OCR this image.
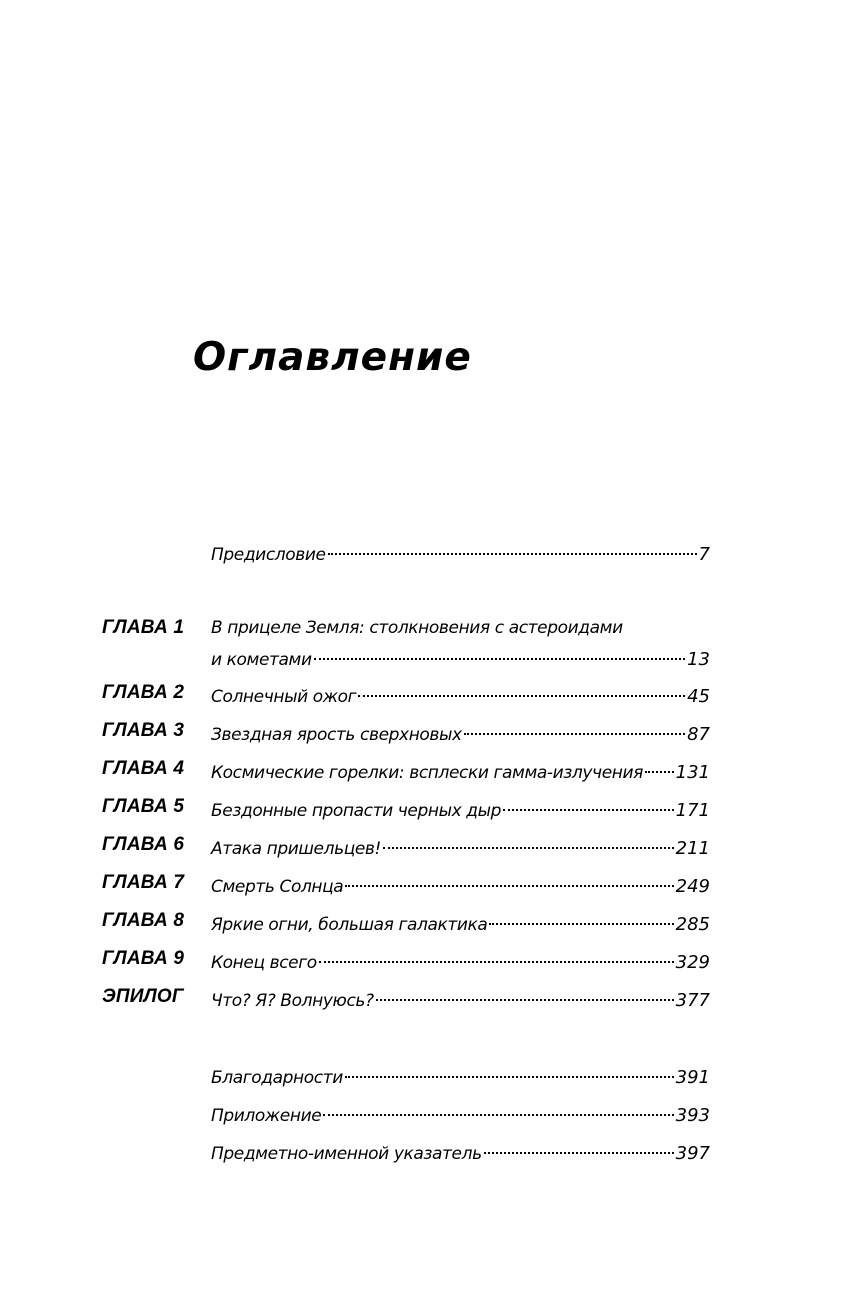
Оглавление
Предисловие	7
ГЛАВА 1 В прицеле Земля: столкновения с астероидами
и кометами	13
ГЛАВА 2 Солнечный ожог	45
ГЛАВА 3 Звездная ярость сверхновых	87
ГЛАВА 4 Космические горелки: всплески гамма-излучения 131
ГЛАВА 5 Бездонные пропасти черных дыр	171
ГЛАВА 6 Атака пришельцев!	211
ГЛАВА 7 Смерть Солнца	249
ГЛАВА 8 Яркие огни, большая галактика	285
ГЛАВА 9 Конец всего	329
ЭПИЛОГ Что? Я? Волнуюсь?	377
Благодарности	391
Приложение	393
Предметно-именной указатель	397
